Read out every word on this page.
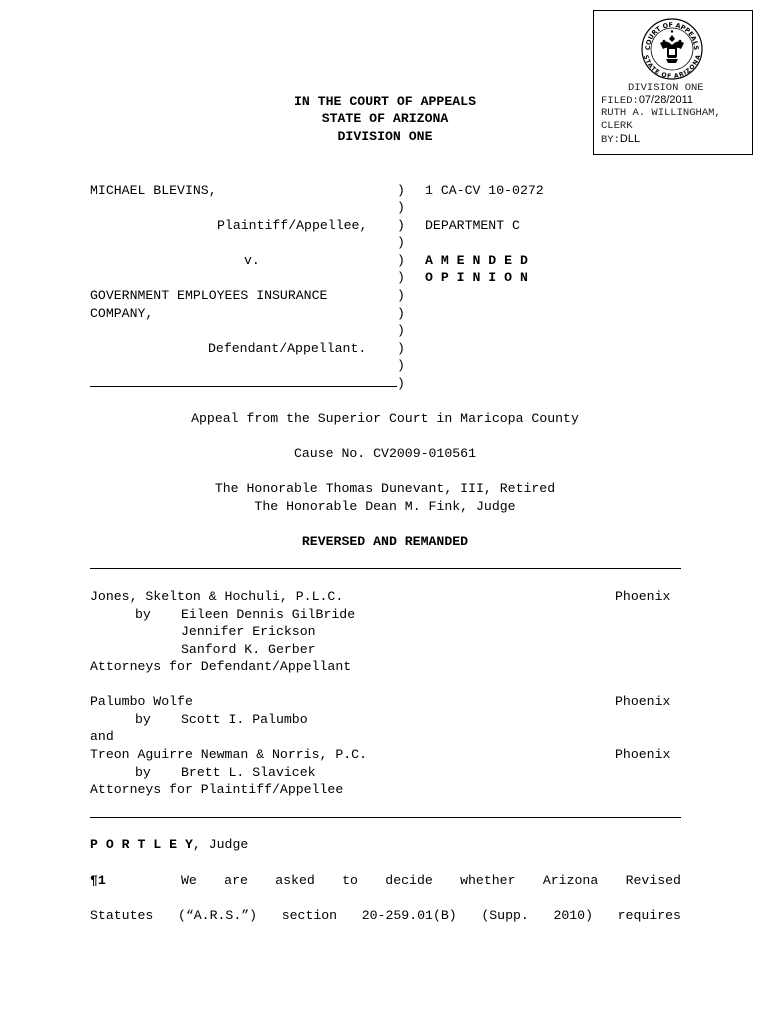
COURT OF APPEALS
STATE OF ARIZONA
DIVISION ONE
FILED:07/28/2011
RUTH A. WILLINGHAM,
CLERK
BY:DLL
IN THE COURT OF APPEALS
STATE OF ARIZONA
DIVISION ONE
MICHAEL BLEVINS,
Plaintiff/Appellee,
v.
GOVERNMENT EMPLOYEES INSURANCE
COMPANY,
Defendant/Appellant.
)
)
)
)
)
)
)
)
)
)
)
)
1 CA-CV 10-0272
DEPARTMENT C
A M E N D E D
O P I N I O N
Appeal from the Superior Court in Maricopa County
Cause No. CV2009-010561
The Honorable Thomas Dunevant, III, Retired
The Honorable Dean M. Fink, Judge
REVERSED AND REMANDED
Jones, Skelton & Hochuli, P.L.C.	Phoenix
by Eileen Dennis GilBride
Jennifer Erickson
Sanford K. Gerber
Attorneys for Defendant/Appellant
Palumbo Wolfe	Phoenix
by Scott I. Palumbo
and
Treon Aguirre Newman & Norris, P.C.	Phoenix
by Brett L. Slavicek
Attorneys for Plaintiff/Appellee
P O R T L E Y, Judge
¶1	We are asked to decide whether Arizona Revised
Statutes (“A.R.S.”) section 20-259.01(B) (Supp. 2010) requires
